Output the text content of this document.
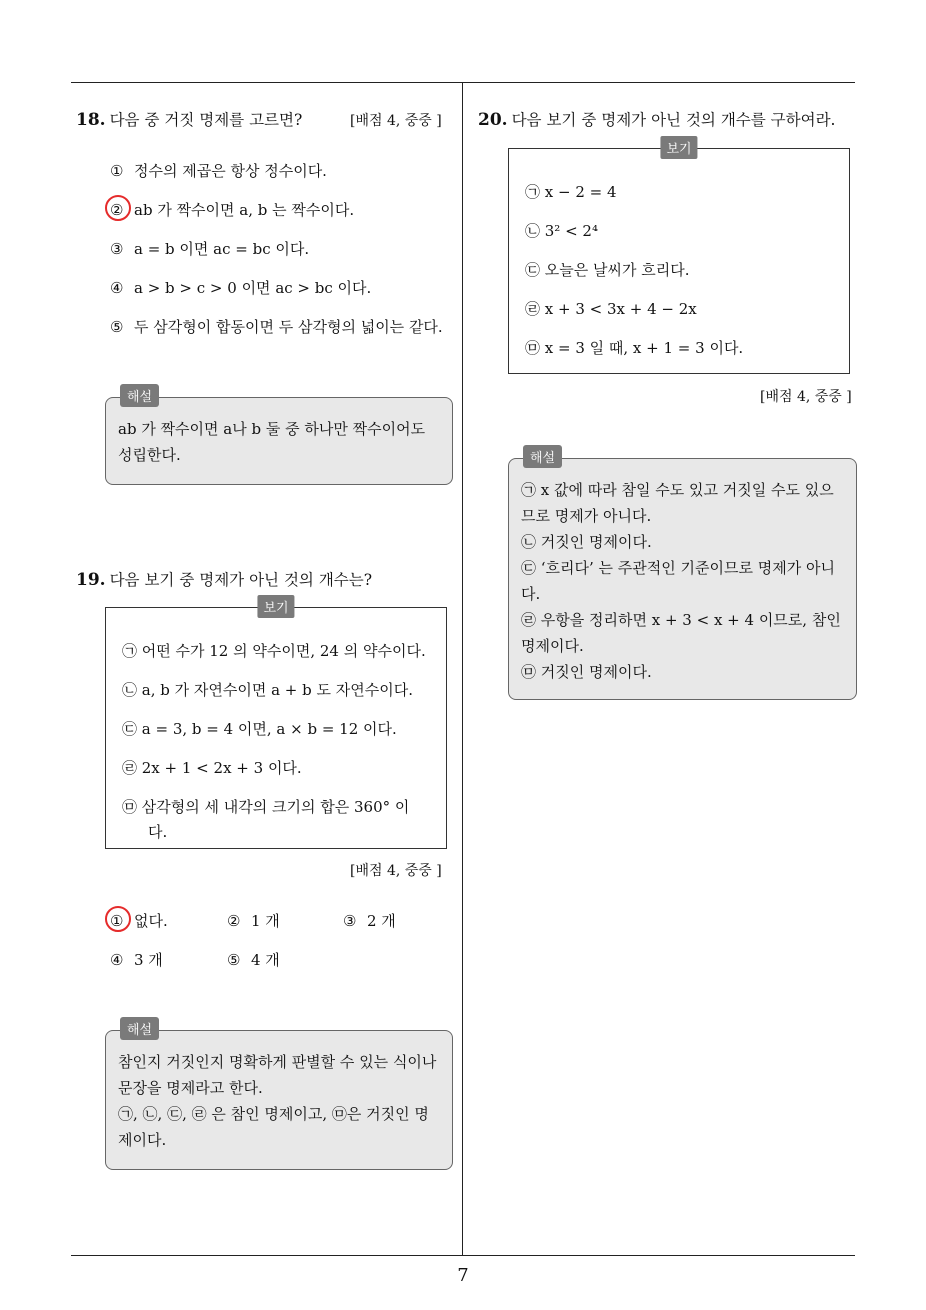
18. 다음 중 거짓 명제를 고르면?	[배점 4, 중중 ]
① 정수의 제곱은 항상 정수이다.
② ab 가 짝수이면 a, b 는 짝수이다.
③ a = b 이면 ac = bc 이다.
④ a > b > c > 0 이면 ac > bc 이다.
⑤ 두 삼각형이 합동이면 두 삼각형의 넓이는 같다.
해설
ab 가 짝수이면 a나 b 둘 중 하나만 짝수이어도
성립한다.
19. 다음 보기 중 명제가 아닌 것의 개수는?
보기
㉠ 어떤 수가 12 의 약수이면, 24 의 약수이다.
㉡ a, b 가 자연수이면 a + b 도 자연수이다.
㉢ a = 3, b = 4 이면, a × b = 12 이다.
㉣ 2x + 1 < 2x + 3 이다.
㉤ 삼각형의 세 내각의 크기의 합은 360° 이
다.
[배점 4, 중중 ]
① 없다.	② 1 개	③ 2 개
④ 3 개	⑤ 4 개
해설
참인지 거짓인지 명확하게 판별할 수 있는 식이나
문장을 명제라고 한다.
㉠, ㉡, ㉢, ㉣ 은 참인 명제이고, ㉤은 거짓인 명
제이다.
20. 다음 보기 중 명제가 아닌 것의 개수를 구하여라.
보기
㉠ x − 2 = 4
㉡ 3² < 2⁴
㉢ 오늘은 날씨가 흐리다.
㉣ x + 3 < 3x + 4 − 2x
㉤ x = 3 일 때, x + 1 = 3 이다.
[배점 4, 중중 ]
해설
㉠ x 값에 따라 참일 수도 있고 거짓일 수도 있으
므로 명제가 아니다.
㉡ 거짓인 명제이다.
㉢ ‘흐리다’ 는 주관적인 기준이므로 명제가 아니
다.
㉣ 우항을 정리하면 x + 3 < x + 4 이므로, 참인
명제이다.
㉤ 거짓인 명제이다.
7
